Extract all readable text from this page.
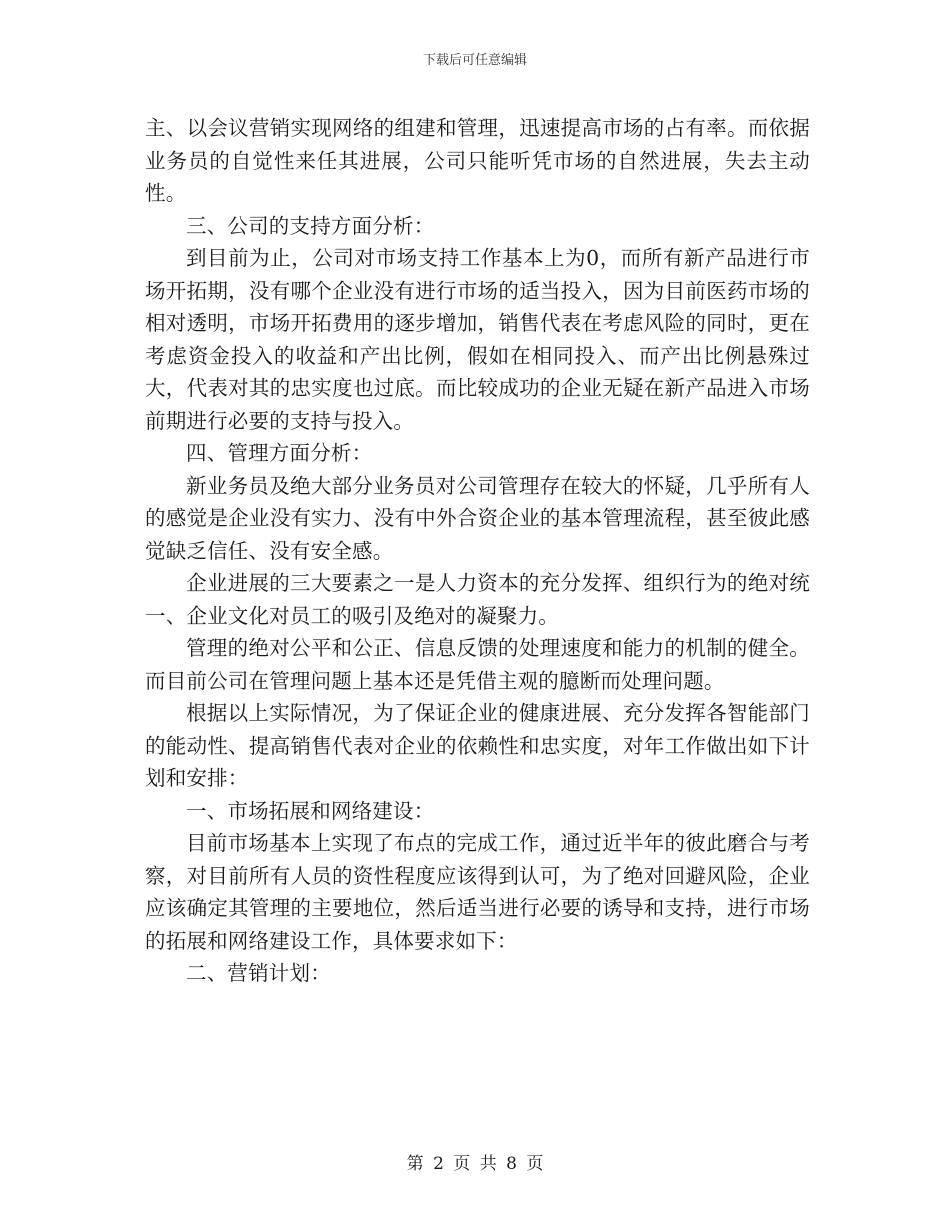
下载后可任意编辑

主、以会议营销实现网络的组建和管理，迅速提高市场的占有率。而依据业务员的自觉性来任其进展，公司只能听凭市场的自然进展，失去主动性。

三、公司的支持方面分析：

到目前为止，公司对市场支持工作基本上为0，而所有新产品进行市场开拓期，没有哪个企业没有进行市场的适当投入，因为目前医药市场的相对透明，市场开拓费用的逐步增加，销售代表在考虑风险的同时，更在考虑资金投入的收益和产出比例，假如在相同投入、而产出比例悬殊过大，代表对其的忠实度也过底。而比较成功的企业无疑在新产品进入市场前期进行必要的支持与投入。

四、管理方面分析：

新业务员及绝大部分业务员对公司管理存在较大的怀疑，几乎所有人的感觉是企业没有实力、没有中外合资企业的基本管理流程，甚至彼此感觉缺乏信任、没有安全感。

企业进展的三大要素之一是人力资本的充分发挥、组织行为的绝对统一、企业文化对员工的吸引及绝对的凝聚力。

管理的绝对公平和公正、信息反馈的处理速度和能力的机制的健全。而目前公司在管理问题上基本还是凭借主观的臆断而处理问题。

根据以上实际情况，为了保证企业的健康进展、充分发挥各智能部门的能动性、提高销售代表对企业的依赖性和忠实度，对年工作做出如下计划和安排：

一、市场拓展和网络建设：

目前市场基本上实现了布点的完成工作，通过近半年的彼此磨合与考察，对目前所有人员的资性程度应该得到认可，为了绝对回避风险，企业应该确定其管理的主要地位，然后适当进行必要的诱导和支持，进行市场的拓展和网络建设工作，具体要求如下：

二、营销计划：

第 2 页 共 8 页
